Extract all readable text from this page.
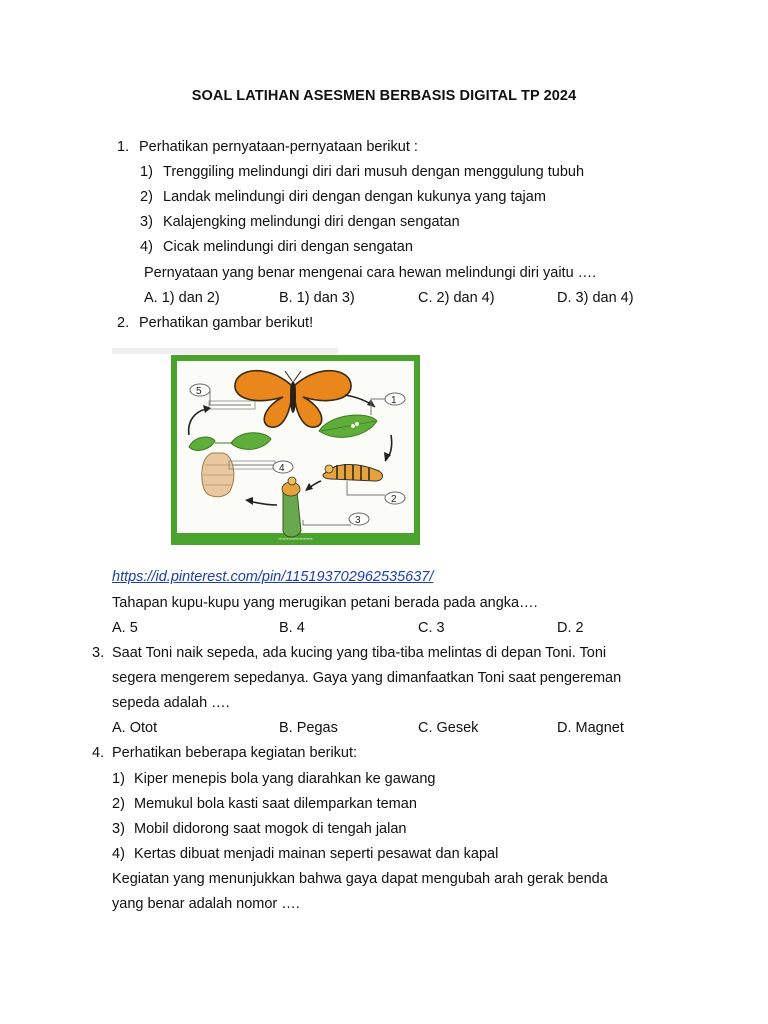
SOAL LATIHAN ASESMEN BERBASIS DIGITAL TP 2024
1. Perhatikan pernyataan-pernyataan berikut :
1) Trenggiling melindungi diri dari musuh dengan menggulung tubuh
2) Landak melindungi diri dengan dengan kukunya yang tajam
3) Kalajengking melindungi diri dengan sengatan
4) Cicak melindungi diri dengan sengatan
Pernyataan yang benar mengenai cara hewan melindungi diri yaitu ….
A. 1) dan 2)	B. 1) dan 3)	C. 2) dan 4)	D. 3) dan 4)
2. Perhatikan gambar berikut!
5
1
2
3
4
▪▪▪▪▪▪▪▪▪▪▪▪▪▪▪▪▪▪▪▪▪▪▪▪
https://id.pinterest.com/pin/115193702962535637/
Tahapan kupu-kupu yang merugikan petani berada pada angka….
A. 5	B. 4	C. 3	D. 2
3. Saat Toni naik sepeda, ada kucing yang tiba-tiba melintas di depan Toni. Toni
segera mengerem sepedanya. Gaya yang dimanfaatkan Toni saat pengereman
sepeda adalah ….
A. Otot	B. Pegas	C. Gesek	D. Magnet
4. Perhatikan beberapa kegiatan berikut:
1) Kiper menepis bola yang diarahkan ke gawang
2) Memukul bola kasti saat dilemparkan teman
3) Mobil didorong saat mogok di tengah jalan
4) Kertas dibuat menjadi mainan seperti pesawat dan kapal
Kegiatan yang menunjukkan bahwa gaya dapat mengubah arah gerak benda
yang benar adalah nomor ….
